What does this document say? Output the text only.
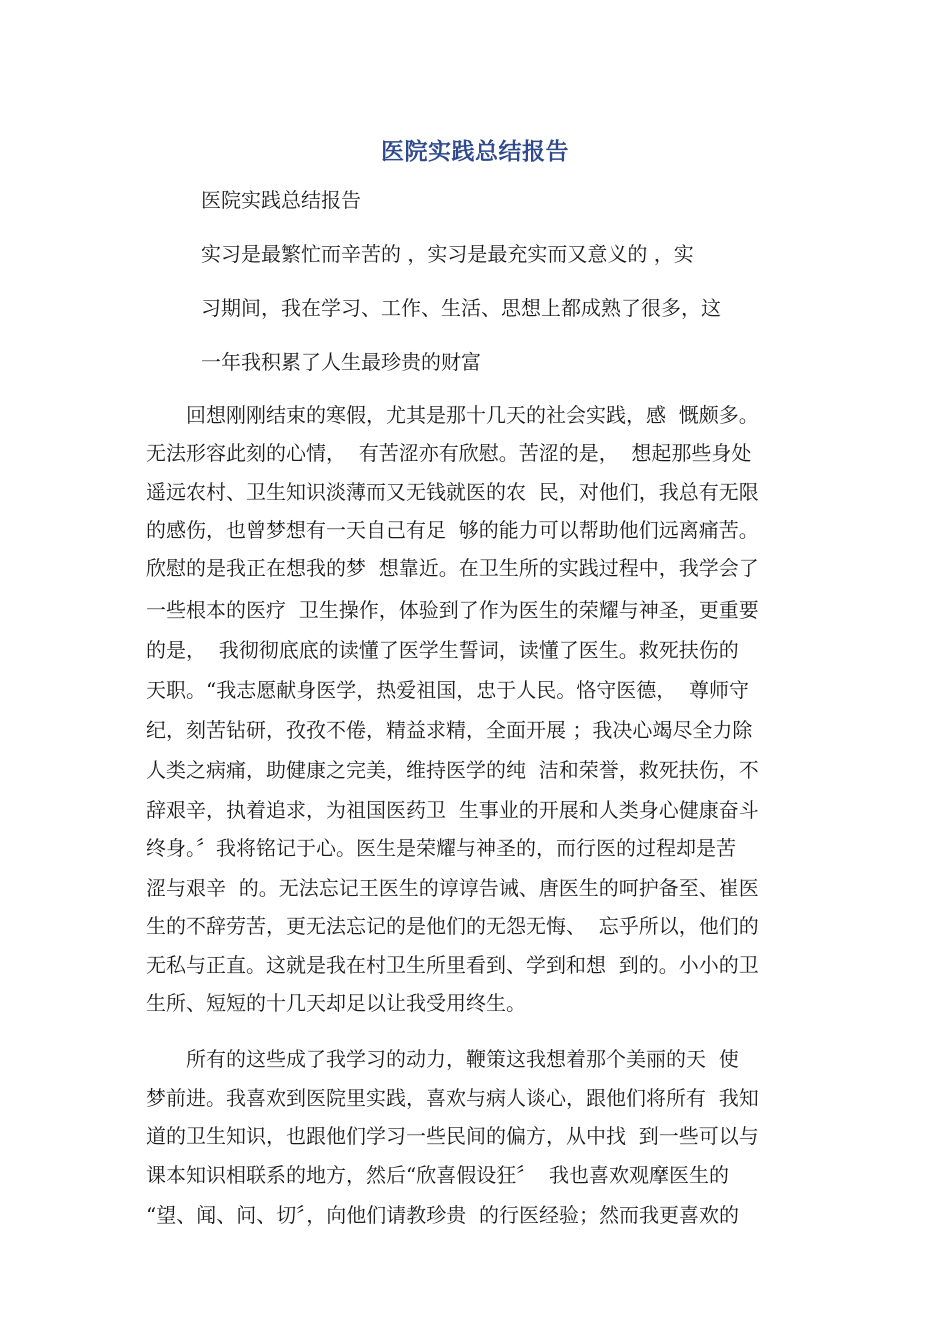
医院实践总结报告
医院实践总结报告
实习是最繁忙而辛苦的 ，实习是最充实而又意义的 ，实
习期间，我在学习、工作、生活、思想上都成熟了很多，这
一年我积累了人生最珍贵的财富
　　回想刚刚结束的寒假，尤其是那十几天的社会实践，感  慨颇多。
无法形容此刻的心情，  有苦涩亦有欣慰。苦涩的是，  想起那些身处
遥远农村、卫生知识淡薄而又无钱就医的农  民，对他们，我总有无限
的感伤，也曾梦想有一天自己有足  够的能力可以帮助他们远离痛苦。
欣慰的是我正在想我的梦  想靠近。在卫生所的实践过程中，我学会了
一些根本的医疗  卫生操作，体验到了作为医生的荣耀与神圣，更重要
的是，  我彻彻底底的读懂了医学生誓词，读懂了医生。救死扶伤的
天职。“我志愿献身医学，热爱祖国，忠于人民。恪守医德，  尊师守
纪，刻苦钻研，孜孜不倦，精益求精，全面开展 ；我决心竭尽全力除
人类之病痛，助健康之完美，维持医学的纯  洁和荣誉，救死扶伤，不
辞艰辛，执着追求，为祖国医药卫  生事业的开展和人类身心健康奋斗
终身。〞我将铭记于心。医生是荣耀与神圣的，而行医的过程却是苦
涩与艰辛  的。无法忘记王医生的谆谆告诫、唐医生的呵护备至、崔医
生的不辞劳苦，更无法忘记的是他们的无怨无悔、  忘乎所以，他们的
无私与正直。这就是我在村卫生所里看到、学到和想  到的。小小的卫
生所、短短的十几天却足以让我受用终生。
　　所有的这些成了我学习的动力，鞭策这我想着那个美丽的天  使
梦前进。我喜欢到医院里实践，喜欢与病人谈心，跟他们将所有  我知
道的卫生知识，也跟他们学习一些民间的偏方，从中找  到一些可以与
课本知识相联系的地方，然后“欣喜假设狂〞  我也喜欢观摩医生的
“望、闻、问、切〞，向他们请教珍贵  的行医经验；然而我更喜欢的
